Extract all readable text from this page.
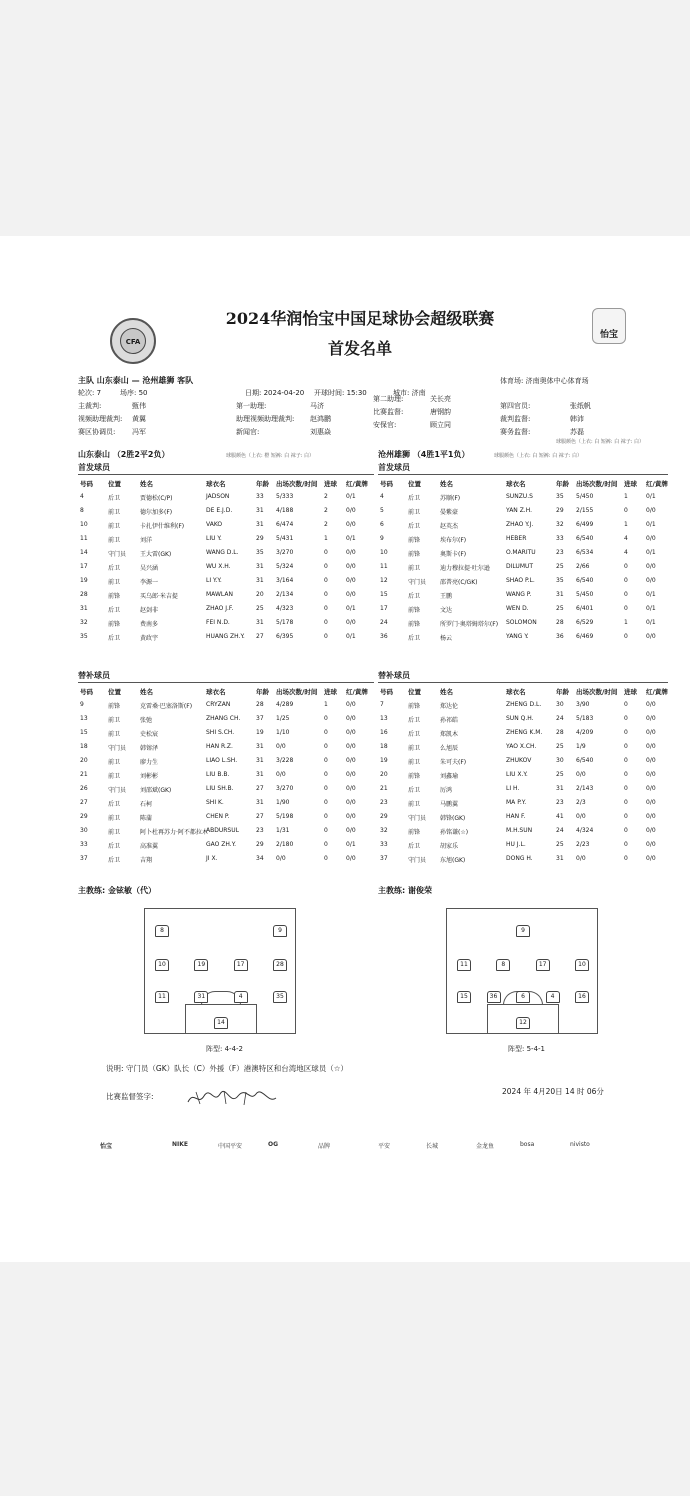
CFA
怡宝
2024华润怡宝中国足球协会超级联赛
首发名单
主队 山东泰山 — 沧州雄狮 客队
轮次: 7	场序: 50	日期: 2024-04-20 开球时间: 15:30	城市: 济南
体育场: 济南奥体中心体育场
主裁判:	甄伟	第一助理:	马济
第二助理:	关长亮
第四官员:	张纸帆
视频助理裁判: 黄翼	助理视频助理裁判: 赵鸿鹏
比赛监督:	唐钢韵
裁判监督:	韩沛
赛区协调员: 冯军	新闻官:	刘惠焱
安保官:	顾立同
赛务监督:	苏磊
球服颜色（上衣: 白 短裤: 白 袜子: 白）
山东泰山 （2胜2平2负）	球服颜色（上衣: 橙 短裤: 白 袜子: 白）	沧州雄狮 （4胜1平1负）	球服颜色（上衣: 白 短裤: 白 袜子: 白）
首发球员	首发球员
号码 位置	姓名	球衣名	年龄 出场次数/时间 进球 红/黄牌
4	后卫	贾德松(C/P)	JADSON	33 5/333	2	0/1
8	前卫	德尔加多(F)	DE E.J.D.	31 4/188	2	0/0
10	前卫	卡扎伊什维利(F)	VAKO	31 6/474	2	0/0
11	前卫	刘洋	LIU Y.	29 5/431	1	0/1
14	守门员 王大雷(GK)	WANG D.L.	35 3/270	0	0/0
17	后卫	吴兴涵	WU X.H.	31 5/324	0	0/0
19	前卫	李源一	LI Y.Y.	31 3/164	0	0/0
28	前锋	买乌郎·米吉提	MAWLAN	20 2/134	0	0/0
31	后卫	赵剑非	ZHAO J.F.	25 4/323	0	0/1
32	前锋	费南多	FEI N.D.	31 5/178	0	0/0
35	后卫	黄政宇	HUANG ZH.Y. 27 6/395	0	0/1
号码 位置	姓名	球衣名	年龄 出场次数/时间 进球 红/黄牌
4	后卫	苏顺(F)	SUNZU.S	35 5/450	1	0/1
5	前卫	晏紫豪	YAN Z.H.	29 2/155	0	0/0
6	后卫	赵英杰	ZHAO Y.J.	32 6/499	1	0/1
9	前锋	埃布尔(F)	HEBER	33 6/540	4	0/0
10	前锋	奥斯卡(F)	O.MARITU	23 6/534	4	0/1
11	前卫	迪力穆拉提·吐尔逊	DILUMUT	25 2/66	0	0/0
12	守门员 邵普亮(C/GK)	SHAO P.L.	35 6/540	0	0/0
15	后卫	王鹏	WANG P.	31 5/450	0	0/1
17	前锋	文达	WEN D.	25 6/401	0	0/1
24	前锋	所罗门·奥塔姆塔尔(F) SOLOMON	28 6/529	1	0/1
36	后卫	杨云	YANG Y.	36 6/469	0	0/0
替补球员	替补球员
号码 位置	姓名	球衣名	年龄 出场次数/时间 进球 红/黄牌
9	前锋	克雷桑·巴塞洛斯(F) CRYZAN	28 4/289	1	0/0
13	前卫	张弛	ZHANG CH.	37 1/25	0	0/0
15	前卫	史松宸	SHI S.CH.	19 1/10	0	0/0
18	守门员 韩镕泽	HAN R.Z.	31 0/0	0	0/0
20	前卫	廖力生	LIAO L.SH.	31 3/228	0	0/0
21	前卫	刘彬彬	LIU B.B.	31 0/0	0	0/0
26	守门员 刘邵斌(GK)	LIU SH.B.	27 3/270	0	0/0
27	后卫	石柯	SHI K.	31 1/90	0	0/0
29	前卫	陈蒲	CHEN P.	27 5/198	0	0/0
30	前卫	阿卜杜再苏力·阿不都拉木
ABDURSUL	23 1/31	0	0/0
33	后卫	高准翼	GAO ZH.Y.	29 2/180	0	0/1
37	后卫	吉翔	JI X.	34 0/0	0	0/0
号码 位置	姓名	球衣名	年龄 出场次数/时间 进球 红/黄牌
7	前锋	郑达伦	ZHENG D.L. 30 3/90	0	0/0
13	后卫	孙祁皓	SUN Q.H.	24 5/183	0	0/0
16	后卫	郑凯木	ZHENG K.M. 28 4/209	0	0/0
18	前卫	么旭辰	YAO X.CH.	25 1/9	0	0/0
19	前卫	朱可夫(F)	ZHUKOV	30 6/540	0	0/0
20	前锋	刘鑫瑜	LIU X.Y.	25 0/0	0	0/0
21	后卫	厉鸿	LI H.	31 2/143	0	0/0
23	前卫	马鹏翼	MA P.Y.	23 2/3	0	0/0
29	守门员 韩锋(GK)	HAN F.	41 0/0	0	0/0
32	前锋	孙铭谦(☆)	M.H.SUN	24 4/324	0	0/0
33	后卫	胡家乐	HU J.L.	25 2/23	0	0/0
37	守门员 东旭(GK)	DONG H.	31 0/0	0	0/0
主教练: 金铉敏（代）	主教练: 谢俊荣
8	9
10	19	17	28
11	31	4	35
14
阵型: 4-4-2
9
11	8	17	10
15	36	6	4	16
12
阵型: 5-4-1
说明: 守门员（GK）队长（C）外援（F）港澳特区和台湾地区球员（☆）
比赛监督签字:
2024 年 4月20日 14 时 06分

怡宝
	NIKE
	中国平安
	OG
	品牌
	平安
	长城
	金龙鱼
	bosa
	nivisto
